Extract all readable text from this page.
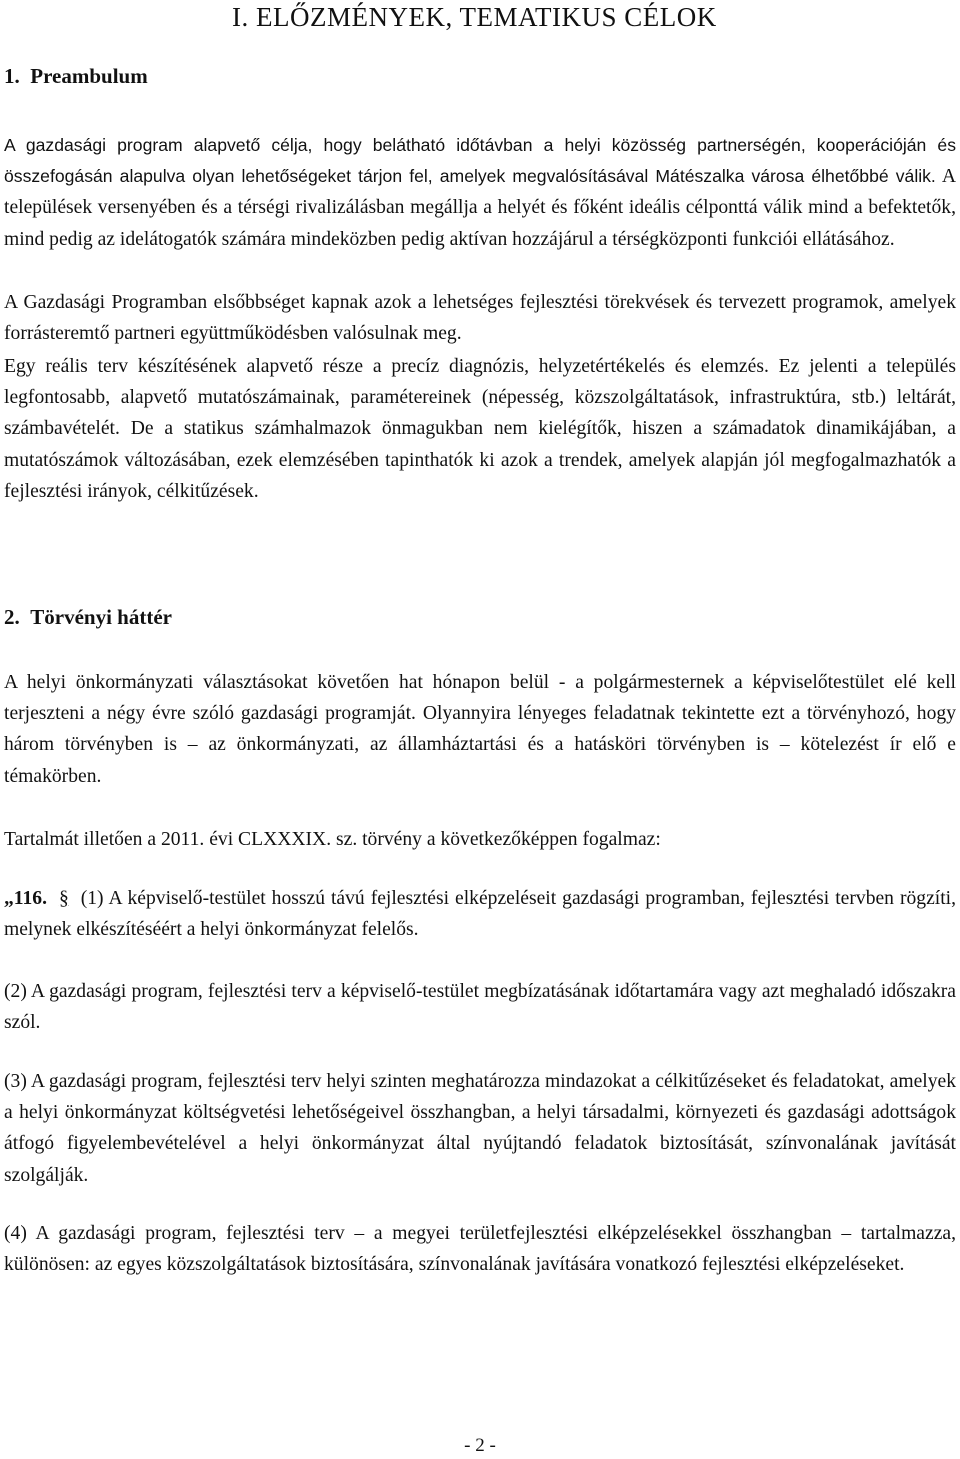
I. ELŐZMÉNYEK, TEMATIKUS CÉLOK
1. Preambulum

A gazdasági program alapvető célja, hogy belátható időtávban a helyi közösség partnerségén, kooperációján és összefogásán alapulva olyan lehetőségeket tárjon fel, amelyek megvalósításával Mátészalka városa élhetőbbé válik. A települések versenyében és a térségi rivalizálásban megállja a helyét és főként ideális célponttá válik mind a befektetők, mind pedig az idelátogatók számára mindeközben pedig aktívan hozzájárul a térségközponti funkciói ellátásához.

A Gazdasági Programban elsőbbséget kapnak azok a lehetséges fejlesztési törekvések és tervezett programok, amelyek forrásteremtő partneri együttműködésben valósulnak meg.

Egy reális terv készítésének alapvető része a precíz diagnózis, helyzetértékelés és elemzés. Ez jelenti a település legfontosabb, alapvető mutatószámainak, paramétereinek (népesség, közszolgáltatások, infrastruktúra, stb.) leltárát, számbavételét. De a statikus számhalmazok önmagukban nem kielégítők, hiszen a számadatok dinamikájában, a mutatószámok változásában, ezek elemzésében tapinthatók ki azok a trendek, amelyek alapján jól megfogalmazhatók a fejlesztési irányok, célkitűzések.

2. Törvényi háttér

A helyi önkormányzati választásokat követően hat hónapon belül - a polgármesternek a képviselőtestület elé kell terjeszteni a négy évre szóló gazdasági programját. Olyannyira lényeges feladatnak tekintette ezt a törvényhozó, hogy három törvényben is – az önkormányzati, az államháztartási és a hatásköri törvényben is – kötelezést ír elő e témakörben.

Tartalmát illetően a 2011. évi CLXXXIX. sz. törvény a következőképpen fogalmaz:

„116. § (1) A képviselő-testület hosszú távú fejlesztési elképzeléseit gazdasági programban, fejlesztési tervben rögzíti, melynek elkészítéséért a helyi önkormányzat felelős.

(2) A gazdasági program, fejlesztési terv a képviselő-testület megbízatásának időtartamára vagy azt meghaladó időszakra szól.

(3) A gazdasági program, fejlesztési terv helyi szinten meghatározza mindazokat a célkitűzéseket és feladatokat, amelyek a helyi önkormányzat költségvetési lehetőségeivel összhangban, a helyi társadalmi, környezeti és gazdasági adottságok átfogó figyelembevételével a helyi önkormányzat által nyújtandó feladatok biztosítását, színvonalának javítását szolgálják.

(4) A gazdasági program, fejlesztési terv – a megyei területfejlesztési elképzelésekkel összhangban – tartalmazza, különösen: az egyes közszolgáltatások biztosítására, színvonalának javítására vonatkozó fejlesztési elképzeléseket.

- 2 -
